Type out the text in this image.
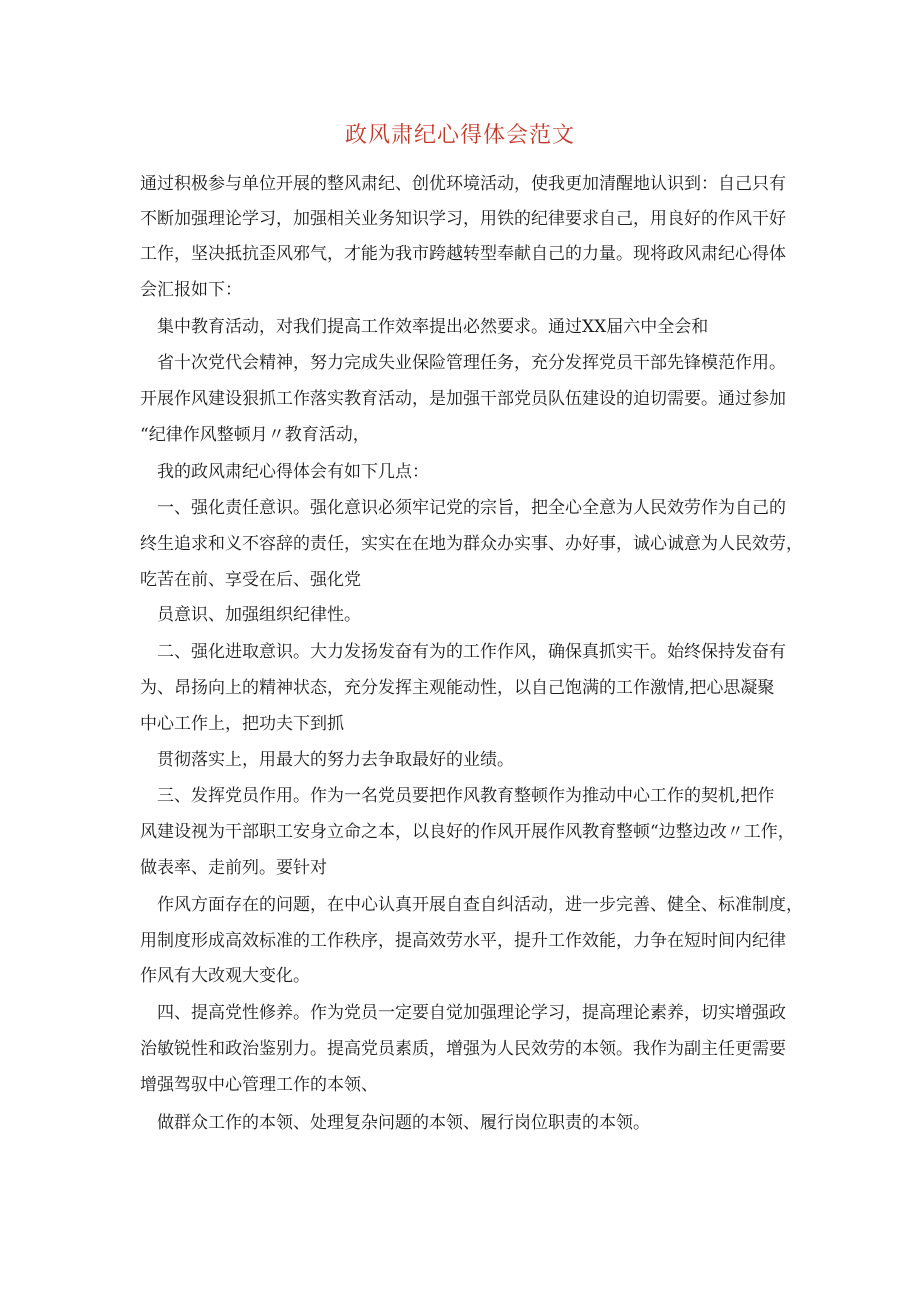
政风肃纪心得体会范文
通过积极参与单位开展的整风肃纪、创优环境活动，使我更加清醒地认识到：自己只有
不断加强理论学习，加强相关业务知识学习，用铁的纪律要求自己，用良好的作风干好
工作，坚决抵抗歪风邪气，才能为我市跨越转型奉献自己的力量。现将政风肃纪心得体
会汇报如下：
集中教育活动，对我们提高工作效率提出必然要求。通过XX届六中全会和
省十次党代会精神，努力完成失业保险管理任务，充分发挥党员干部先锋模范作用。
开展作风建设狠抓工作落实教育活动，是加强干部党员队伍建设的迫切需要。通过参加
“纪律作风整顿月〃教育活动，
我的政风肃纪心得体会有如下几点：
一、强化责任意识。强化意识必须牢记党的宗旨，把全心全意为人民效劳作为自己的
终生追求和义不容辞的责任，实实在在地为群众办实事、办好事，诚心诚意为人民效劳，
吃苦在前、享受在后、强化党
员意识、加强组织纪律性。
二、强化进取意识。大力发扬发奋有为的工作作风，确保真抓实干。始终保持发奋有
为、昂扬向上的精神状态，充分发挥主观能动性，以自己饱满的工作激情,把心思凝聚
中心工作上，把功夫下到抓
贯彻落实上，用最大的努力去争取最好的业绩。
三、发挥党员作用。作为一名党员要把作风教育整顿作为推动中心工作的契机,把作
风建设视为干部职工安身立命之本，以良好的作风开展作风教育整顿“边整边改〃工作，
做表率、走前列。要针对
作风方面存在的问题，在中心认真开展自查自纠活动，进一步完善、健全、标准制度，
用制度形成高效标准的工作秩序，提高效劳水平，提升工作效能，力争在短时间内纪律
作风有大改观大变化。
四、提高党性修养。作为党员一定要自觉加强理论学习，提高理论素养，切实增强政
治敏锐性和政治鉴别力。提高党员素质，增强为人民效劳的本领。我作为副主任更需要
增强驾驭中心管理工作的本领、
做群众工作的本领、处理复杂问题的本领、履行岗位职责的本领。
